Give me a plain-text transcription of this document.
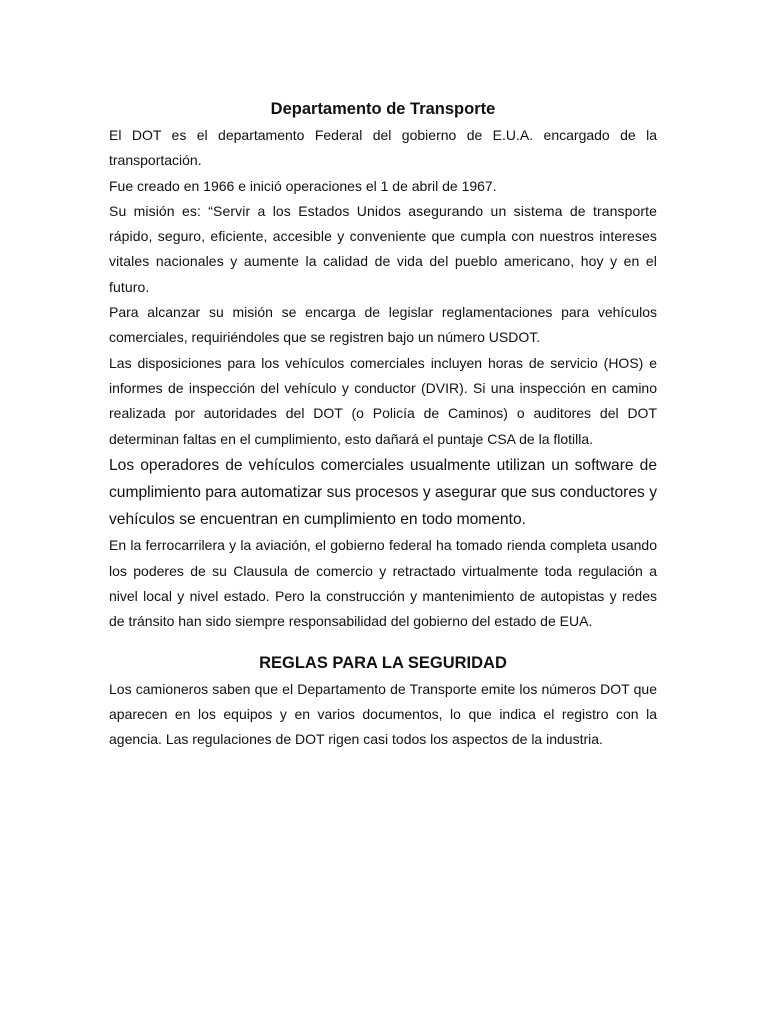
Departamento de Transporte

El DOT es el departamento Federal del gobierno de E.U.A. encargado de la transportación.

Fue creado en 1966 e inició operaciones el 1 de abril de 1967.

Su misión es: “Servir a los Estados Unidos asegurando un sistema de transporte rápido, seguro, eficiente, accesible y conveniente que cumpla con nuestros intereses vitales nacionales y aumente la calidad de vida del pueblo americano, hoy y en el futuro.

Para alcanzar su misión se encarga de legislar reglamentaciones para vehículos comerciales, requiriéndoles que se registren bajo un número USDOT.

Las disposiciones para los vehículos comerciales incluyen horas de servicio (HOS) e informes de inspección del vehículo y conductor (DVIR). Si una inspección en camino realizada por autoridades del DOT (o Policía de Caminos) o auditores del DOT determinan faltas en el cumplimiento, esto dañará el puntaje CSA de la flotilla.

Los operadores de vehículos comerciales usualmente utilizan un software de cumplimiento para automatizar sus procesos y asegurar que sus conductores y vehículos se encuentran en cumplimiento en todo momento.

En la ferrocarrilera y la aviación, el gobierno federal ha tomado rienda completa usando los poderes de su Clausula de comercio y retractado virtualmente toda regulación a nivel local y nivel estado. Pero la construcción y mantenimiento de autopistas y redes de tránsito han sido siempre responsabilidad del gobierno del estado de EUA.

REGLAS PARA LA SEGURIDAD

Los camioneros saben que el Departamento de Transporte emite los números DOT que aparecen en los equipos y en varios documentos, lo que indica el registro con la agencia. Las regulaciones de DOT rigen casi todos los aspectos de la industria.
